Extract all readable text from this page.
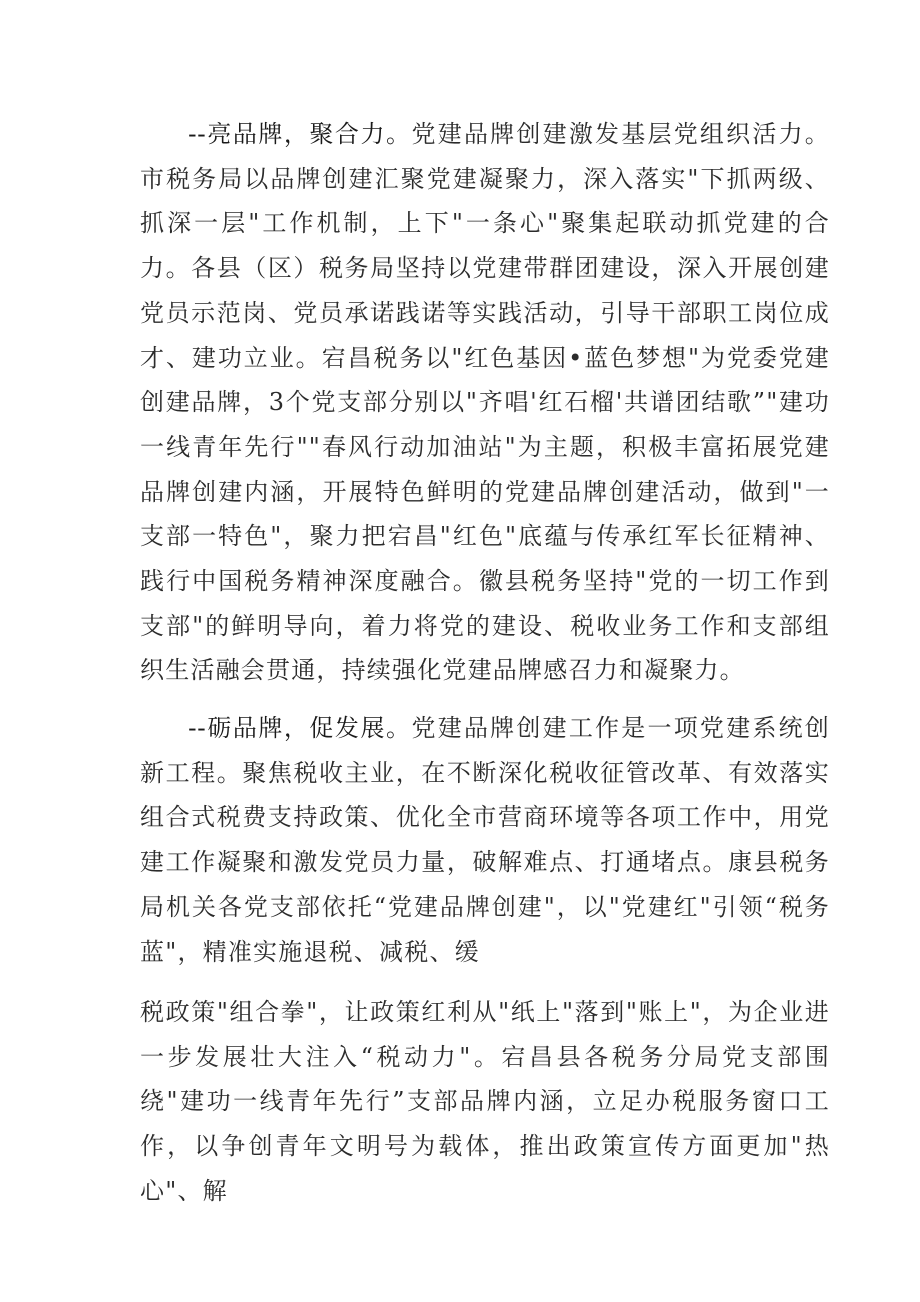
--亮品牌，聚合力。党建品牌创建激发基层党组织活力。市税务局以品牌创建汇聚党建凝聚力，深入落实"下抓两级、抓深一层"工作机制，上下"一条心"聚集起联动抓党建的合力。各县（区）税务局坚持以党建带群团建设，深入开展创建党员示范岗、党员承诺践诺等实践活动，引导干部职工岗位成才、建功立业。宕昌税务以"红色基因•蓝色梦想"为党委党建创建品牌，3个党支部分别以"齐唱'红石榴'共谱团结歌”"建功一线青年先行""春风行动加油站"为主题，积极丰富拓展党建品牌创建内涵，开展特色鲜明的党建品牌创建活动，做到"一支部一特色"，聚力把宕昌"红色"底蕴与传承红军长征精神、践行中国税务精神深度融合。徽县税务坚持"党的一切工作到支部"的鲜明导向，着力将党的建设、税收业务工作和支部组织生活融会贯通，持续强化党建品牌感召力和凝聚力。

--砺品牌，促发展。党建品牌创建工作是一项党建系统创新工程。聚焦税收主业，在不断深化税收征管改革、有效落实组合式税费支持政策、优化全市营商环境等各项工作中，用党建工作凝聚和激发党员力量，破解难点、打通堵点。康县税务局机关各党支部依托“党建品牌创建"，以"党建红"引领“税务蓝"，精准实施退税、减税、缓

税政策"组合拳"，让政策红利从"纸上"落到"账上"，为企业进一步发展壮大注入“税动力"。宕昌县各税务分局党支部围绕"建功一线青年先行”支部品牌内涵，立足办税服务窗口工作，以争创青年文明号为载体，推出政策宣传方面更加"热心"、解
